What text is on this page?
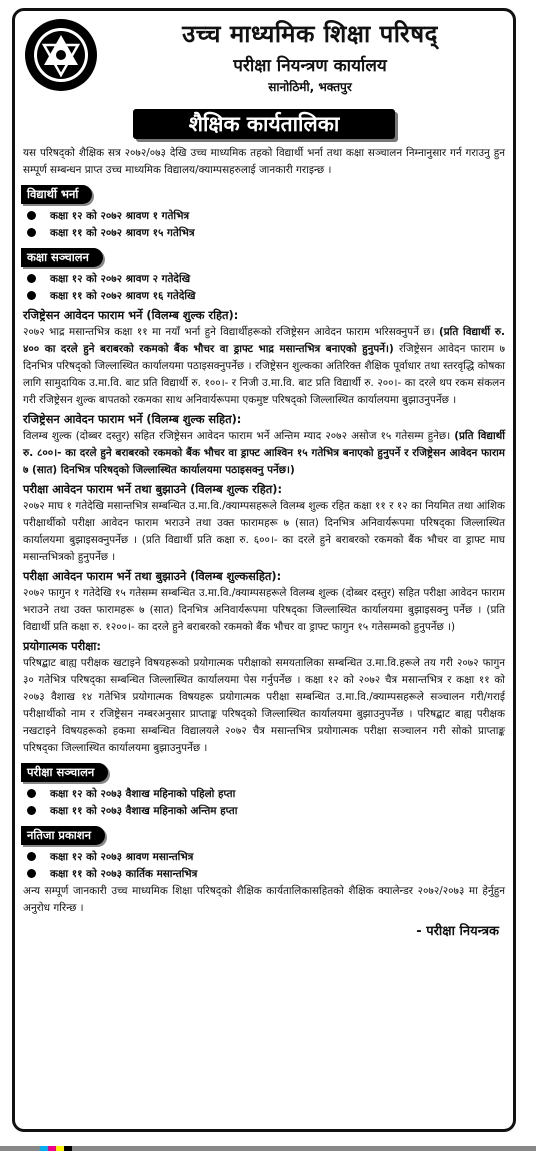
उच्च माध्यमिक शिक्षा परिषद्
परीक्षा नियन्त्रण कार्यालय
सानोठिमी, भक्तपुर
शैक्षिक कार्यतालिका

यस परिषद्को शैक्षिक सत्र २०७२/०७३ देखि उच्च माध्यमिक तहको विद्यार्थी भर्ना तथा कक्षा सञ्चालन निम्नानुसार गर्न गराउनु हुन सम्पूर्ण सम्बन्धन प्राप्त उच्च माध्यमिक विद्यालय/क्याम्पसहरुलाई जानकारी गराइन्छ ।

विद्यार्थी भर्ना
कक्षा १२ को २०७२ श्रावण १ गतेभित्र
कक्षा ११ को २०७२ श्रावण १५ गतेभित्र
कक्षा सञ्चालन
कक्षा १२ को २०७२ श्रावण २ गतेदेखि
कक्षा ११ को २०७२ श्रावण १६ गतेदेखि
रजिष्ट्रेसन आवेदन फाराम भर्ने (विलम्ब शुल्क रहित):

२०७२ भाद्र मसान्तभित्र कक्षा ११ मा नयाँ भर्ना हुने विद्यार्थीहरूको रजिष्ट्रेसन आवेदन फाराम भरिसक्नुपर्ने छ। (प्रति विद्यार्थी रु. ४०० का दरले हुने बराबरको रकमको बैंक भौचर वा ड्राफ्ट भाद्र मसान्तभित्र बनाएको हुनुपर्ने।) रजिष्ट्रेसन आवेदन फाराम ७ दिनभित्र परिषद्को जिल्लास्थित कार्यालयमा पठाइसक्नुपर्नेछ । रजिष्ट्रेसन शुल्कका अतिरिक्त शैक्षिक पूर्वाधार तथा स्तरवृद्धि कोषका लागि सामुदायिक उ.मा.वि. बाट प्रति विद्यार्थी रु. १००।- र निजी उ.मा.वि. बाट प्रति विद्यार्थी रु. २००।- का दरले थप रकम संकलन गरी रजिष्ट्रेसन शुल्क बापतको रकमका साथ अनिवार्यरूपमा एकमुष्ट परिषद्को जिल्लास्थित कार्यालयमा बुझाउनुपर्नेछ ।

रजिष्ट्रेसन आवेदन फाराम भर्ने (विलम्ब शुल्क सहित):

विलम्ब शुल्क (दोब्बर दस्तुर) सहित रजिष्ट्रेसन आवेदन फाराम भर्ने अन्तिम म्याद २०७२ असोज १५ गतेसम्म हुनेछ। (प्रति विद्यार्थी रु. ८००।- का दरले हुने बराबरको रकमको बैंक भौचर वा ड्राफ्ट आश्विन १५ गतेभित्र बनाएको हुनुपर्ने र रजिष्ट्रेसन आवेदन फाराम ७ (सात) दिनभित्र परिषद्को जिल्लास्थित कार्यालयमा पठाइसक्नु पर्नेछ।)

परीक्षा आवेदन फाराम भर्ने तथा बुझाउने (विलम्ब शुल्क रहित):

२०७२ माघ १ गतेदेखि मसान्तभित्र सम्बन्धित उ.मा.वि./क्याम्पसहरूले विलम्ब शुल्क रहित कक्षा ११ र १२ का नियमित तथा आंशिक परीक्षार्थीको परीक्षा आवेदन फाराम भराउने तथा उक्त फारामहरू ७ (सात) दिनभित्र अनिवार्यरूपमा परिषद्का जिल्लास्थित कार्यालयमा बुझाइसक्नुपर्नेछ । (प्रति विद्यार्थी प्रति कक्षा रु. ६००।- का दरले हुने बराबरको रकमको बैंक भौचर वा ड्राफ्ट माघ मसान्तभित्रको हुनुपर्नेछ ।

परीक्षा आवेदन फाराम भर्ने तथा बुझाउने (विलम्ब शुल्कसहित):

२०७२ फागुन १ गतेदेखि १५ गतेसम्म सम्बन्धित उ.मा.वि./क्याम्पसहरूले विलम्ब शुल्क (दोब्बर दस्तुर) सहित परीक्षा आवेदन फाराम भराउने तथा उक्त फारामहरू ७ (सात) दिनभित्र अनिवार्यरूपमा परिषद्का जिल्लास्थित कार्यालयमा बुझाइसक्नु पर्नेछ । (प्रति विद्यार्थी प्रति कक्षा रु. १२००।- का दरले हुने बराबरको रकमको बैंक भौचर वा ड्राफ्ट फागुन १५ गतेसम्मको हुनुपर्नेछ ।)

प्रयोगात्मक परीक्षा:

परिषद्बाट बाह्य परीक्षक खटाइने विषयहरूको प्रयोगात्मक परीक्षाको समयतालिका सम्बन्धित उ.मा.वि.हरूले तय गरी २०७२ फागुन ३० गतेभित्र परिषद्का सम्बन्धित जिल्लास्थित कार्यालयमा पेस गर्नुपर्नेछ । कक्षा १२ को २०७२ चैत्र मसान्तभित्र र कक्षा ११ को २०७३ वैशाख १४ गतेभित्र प्रयोगात्मक विषयहरू प्रयोगात्मक परीक्षा सम्बन्धित उ.मा.वि./क्याम्पसहरूले सञ्चालन गरी/गराई परीक्षार्थीको नाम र रजिष्ट्रेसन नम्बरअनुसार प्राप्ताङ्क परिषद्को जिल्लास्थित कार्यालयमा बुझाउनुपर्नेछ । परिषद्बाट बाह्य परीक्षक नखटाइने विषयहरूको हकमा सम्बन्धित विद्यालयले २०७२ चैत्र मसान्तभित्र प्रयोगात्मक परीक्षा सञ्चालन गरी सोको प्राप्ताङ्क परिषद्का जिल्लास्थित कार्यालयमा बुझाउनुपर्नेछ ।

परीक्षा सञ्चालन
कक्षा १२ को २०७३ वैशाख महिनाको पहिलो हप्ता
कक्षा ११ को २०७३ वैशाख महिनाको अन्तिम हप्ता
नतिजा प्रकाशन
कक्षा १२ को २०७३ श्रावण मसान्तभित्र
कक्षा ११ को २०७३ कार्तिक मसान्तभित्र

अन्य सम्पूर्ण जानकारी उच्च माध्यमिक शिक्षा परिषद्को शैक्षिक कार्यतालिकासहितको शैक्षिक क्यालेन्डर २०७२/२०७३ मा हेर्नुहुन अनुरोध गरिन्छ ।

- परीक्षा नियन्त्रक
